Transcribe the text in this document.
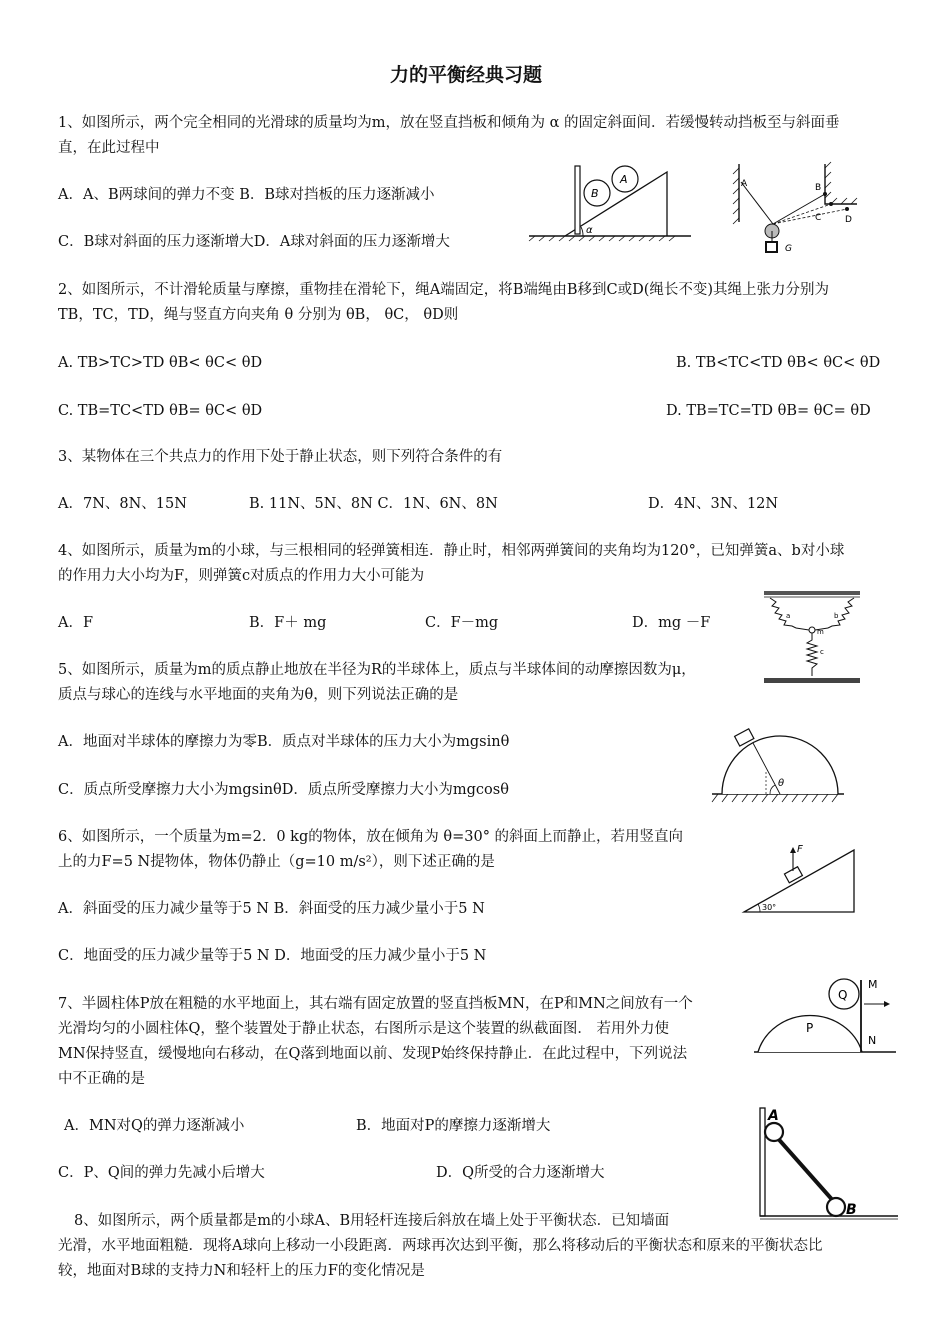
力的平衡经典习题
1、如图所示，两个完全相同的光滑球的质量均为m，放在竖直挡板和倾角为 α 的固定斜面间．若缓慢转动挡板至与斜面垂
直，在此过程中
A．A、B两球间的弹力不变 B．B球对挡板的压力逐渐减小
C．B球对斜面的压力逐渐增大D．A球对斜面的压力逐渐增大
B
A
α
A	B
C	D
G
2、如图所示，不计滑轮质量与摩擦，重物挂在滑轮下，绳A端固定，将B端绳由B移到C或D(绳长不变)其绳上张力分别为
TB，TC，TD，绳与竖直方向夹角 θ 分别为 θB， θC， θD则
A. TB>TC>TD θB< θC< θD	B. TB<TC<TD θB< θC< θD
C. TB=TC<TD θB= θC< θD	D. TB=TC=TD θB= θC= θD
3、某物体在三个共点力的作用下处于静止状态，则下列符合条件的有
A．7N、8N、15N	B. 11N、5N、8N C．1N、6N、8N	D．4N、3N、12N
4、如图所示，质量为m的小球，与三根相同的轻弹簧相连．静止时，相邻两弹簧间的夹角均为120°，已知弹簧a、b对小球
的作用力大小均为F，则弹簧c对质点的作用力大小可能为
A．F	B．F＋ mg	C．F－mg	D．mg －F	a	b
m
c
5、如图所示，质量为m的质点静止地放在半径为R的半球体上，质点与半球体间的动摩擦因数为μ，
质点与球心的连线与水平地面的夹角为θ，则下列说法正确的是
A．地面对半球体的摩擦力为零B．质点对半球体的压力大小为mgsinθ
C．质点所受摩擦力大小为mgsinθD．质点所受摩擦力大小为mgcosθ	θ
6、如图所示，一个质量为m=2．0 kg的物体，放在倾角为 θ=30° 的斜面上而静止，若用竖直向
上的力F=5 N提物体，物体仍静止（g=10 m/s²），则下述正确的是
A．斜面受的压力减少量等于5 N B．斜面受的压力减少量小于5 N
C．地面受的压力减少量等于5 N D．地面受的压力减少量小于5 N
F
30°
7、半圆柱体P放在粗糙的水平地面上，其右端有固定放置的竖直挡板MN，在P和MN之间放有一个
光滑均匀的小圆柱体Q，整个装置处于静止状态，右图所示是这个装置的纵截面图． 若用外力使
MN保持竖直，缓慢地向右移动，在Q落到地面以前、发现P始终保持静止．在此过程中，下列说法
中不正确的是
A．MN对Q的弹力逐渐减小	B．地面对P的摩擦力逐渐增大
C．P、Q间的弹力先减小后增大	D．Q所受的合力逐渐增大
Q
P
M
N
A
B
8、如图所示，两个质量都是m的小球A、B用轻杆连接后斜放在墙上处于平衡状态．已知墙面
光滑，水平地面粗糙．现将A球向上移动一小段距离．两球再次达到平衡，那么将移动后的平衡状态和原来的平衡状态比
较，地面对B球的支持力N和轻杆上的压力F的变化情况是
